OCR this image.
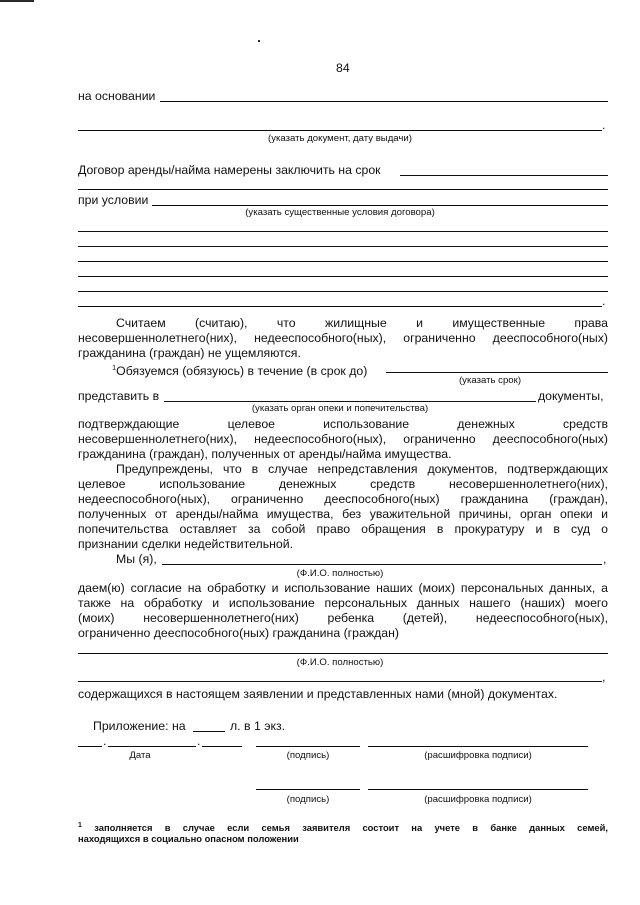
84
на основании
.
(указать документ, дату выдачи)
Договор аренды/найма намерены заключить на срок
при условии
(указать существенные условия договора)
.
Считаем (считаю), что жилищные и имущественные права
несовершеннолетнего(них), недееспособного(ных), ограниченно дееспособного(ных)
гражданина (граждан) не ущемляются.
$^1$Обязуемся (обязуюсь) в течение (в срок до)
(указать срок)
представить в	документы,
(указать орган опеки и попечительства)
подтверждающие целевое использование денежных средств
несовершеннолетнего(них), недееспособного(ных), ограниченно дееспособного(ных)
гражданина (граждан), полученных от аренды/найма имущества.
Предупреждены, что в случае непредставления документов, подтверждающих
целевое использование денежных средств несовершеннолетнего(них),
недееспособного(ных), ограниченно дееспособного(ных) гражданина (граждан),
полученных от аренды/найма имущества, без уважительной причины, орган опеки и
попечительства оставляет за собой право обращения в прокуратуру и в суд о
признании сделки недействительной.
Мы (я),	,
(Ф.И.О. полностью)
даем(ю) согласие на обработку и использование наших (моих) персональных данных, а
также на обработку и использование персональных данных нашего (наших) моего
(моих) несовершеннолетнего(них) ребенка (детей), недееспособного(ных),
ограниченно дееспособного(ных) гражданина (граждан)
(Ф.И.О. полностью)
,
содержащихся в настоящем заявлении и представленных нами (мной) документах.
Приложение: на	л. в 1 экз.
.	.
Дата	(подпись)	(расшифровка подписи)
(подпись)	(расшифровка подписи)
$^1$ заполняется в случае если семья заявителя состоит на учете в банке данных семей,
находящихся в социально опасном положении
